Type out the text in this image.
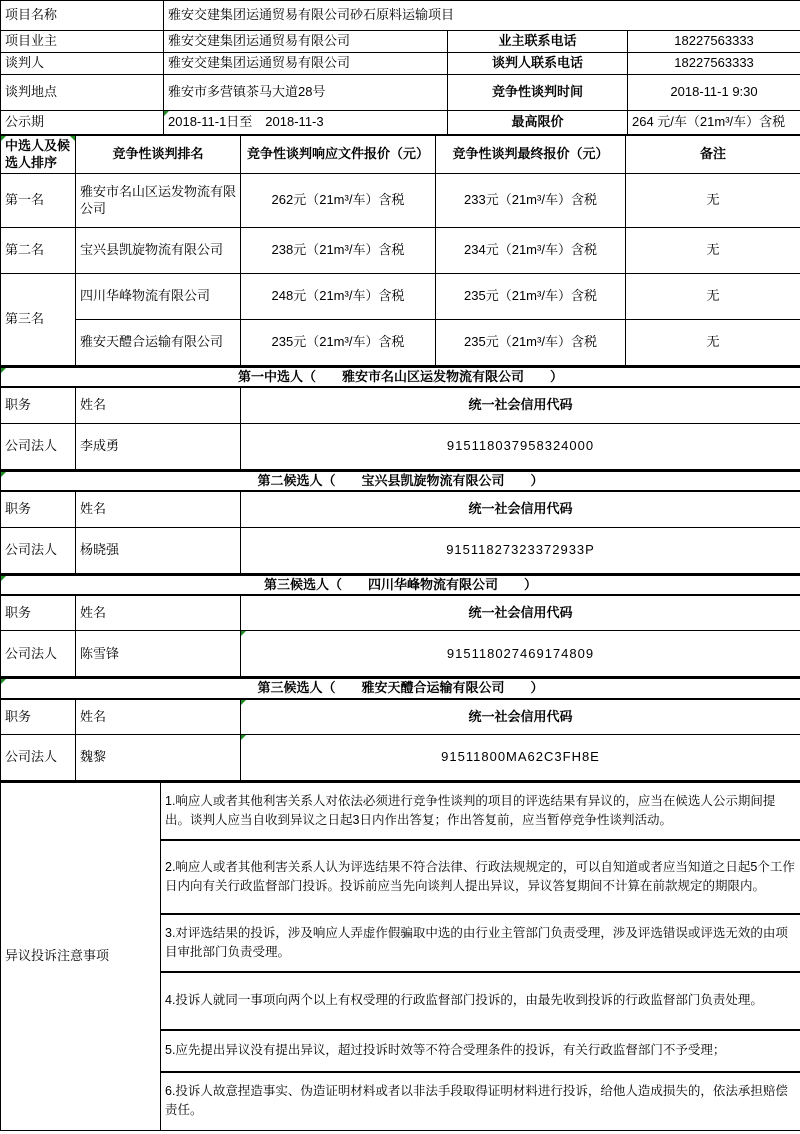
项目名称	雅安交建集团运通贸易有限公司砂石原料运输项目		
项目业主	雅安交建集团运通贸易有限公司	业主联系电话	18227563333
谈判人	雅安交建集团运通贸易有限公司	谈判人联系电话	18227563333
谈判地点	雅安市多营镇茶马大道28号	竞争性谈判时间	2018-11-1 9:30
公示期	2018-11-1日至　2018-11-3	最高限价	264 元/车（21m³/车）含税
中选人及候选人排序	竞争性谈判排名	竞争性谈判响应文件报价（元）	竞争性谈判最终报价（元）	备注
第一名	雅安市名山区运发物流有限公司	262元（21m³/车）含税	233元（21m³/车）含税	无
第二名	宝兴县凯旋物流有限公司	238元（21m³/车）含税	234元（21m³/车）含税	无
第三名	四川华峰物流有限公司	248元（21m³/车）含税	235元（21m³/车）含税	无
	雅安天醴合运输有限公司	235元（21m³/车）含税	235元（21m³/车）含税	无
第一中选人（　　雅安市名山区运发物流有限公司　　）		
职务	姓名	统一社会信用代码
公司法人	李成勇	915118037958324000
第二候选人（　　宝兴县凯旋物流有限公司　　）		
职务	姓名	统一社会信用代码
公司法人	杨晓强	91511827323372933P
第三候选人（　　四川华峰物流有限公司　　）		
职务	姓名	统一社会信用代码
公司法人	陈雪锋	915118027469174809
第三候选人（　　雅安天醴合运输有限公司　　）		
职务	姓名	统一社会信用代码
公司法人	魏黎	91511800MA62C3FH8E
异议投诉注意事项	1.响应人或者其他利害关系人对依法必须进行竞争性谈判的项目的评选结果有异议的，应当在候选人公示期间提出。谈判人应当自收到异议之日起3日内作出答复；作出答复前，应当暂停竞争性谈判活动。
2.响应人或者其他利害关系人认为评选结果不符合法律、行政法规规定的，可以自知道或者应当知道之日起5个工作日内向有关行政监督部门投诉。投诉前应当先向谈判人提出异议，异议答复期间不计算在前款规定的期限内。
3.对评选结果的投诉，涉及响应人弄虚作假骗取中选的由行业主管部门负责受理，涉及评选错误或评选无效的由项目审批部门负责受理。
4.投诉人就同一事项向两个以上有权受理的行政监督部门投诉的，由最先收到投诉的行政监督部门负责处理。
5.应先提出异议没有提出异议，超过投诉时效等不符合受理条件的投诉，有关行政监督部门不予受理；
6.投诉人故意捏造事实、伪造证明材料或者以非法手段取得证明材料进行投诉，给他人造成损失的，依法承担赔偿责任。
